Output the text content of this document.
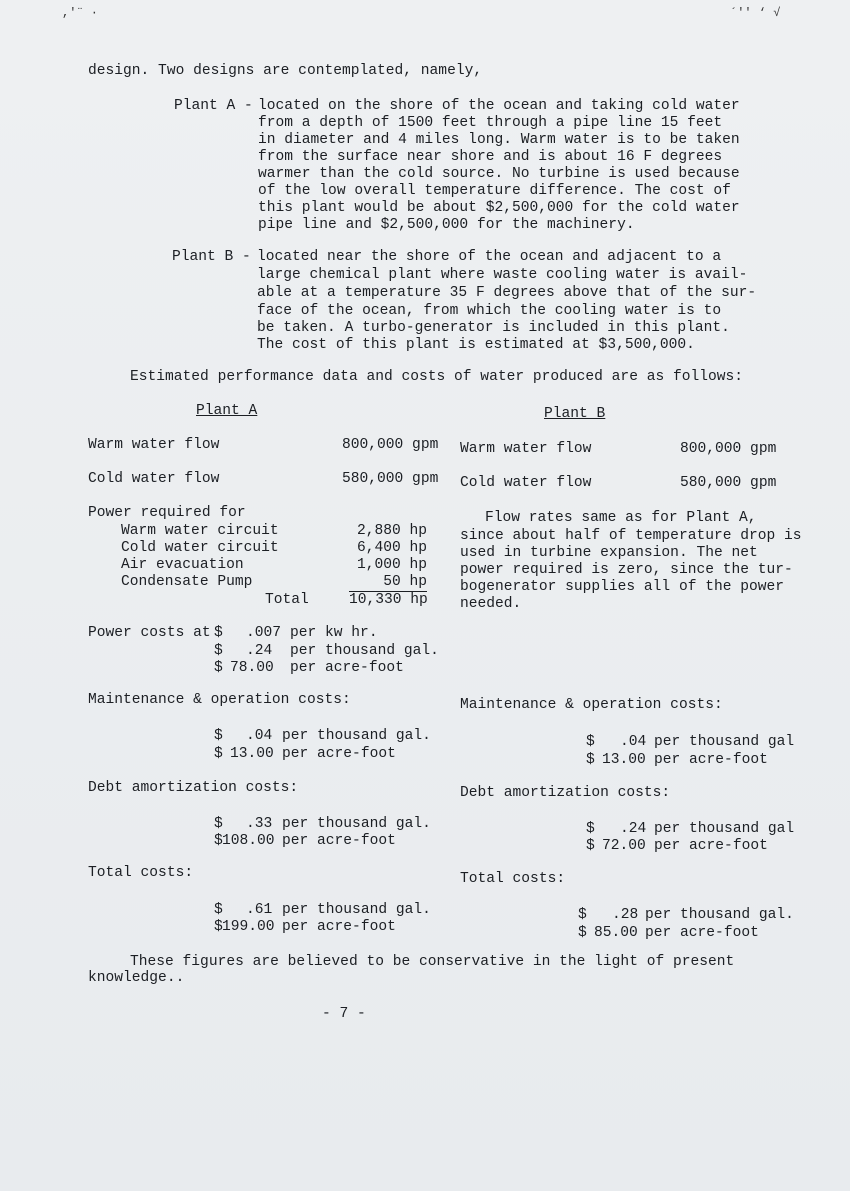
,′¨ ·	´′′ ‘ √
design. Two designs are contemplated, namely,
Plant A - located on the shore of the ocean and taking cold water
from a depth of 1500 feet through a pipe line 15 feet
in diameter and 4 miles long. Warm water is to be taken
from the surface near shore and is about 16 F degrees
warmer than the cold source. No turbine is used because
of the low overall temperature difference. The cost of
this plant would be about $2,500,000 for the cold water
pipe line and $2,500,000 for the machinery.
Plant B - located near the shore of the ocean and adjacent to a
large chemical plant where waste cooling water is avail-
able at a temperature 35 F degrees above that of the sur-
face of the ocean, from which the cooling water is to
be taken. A turbo-generator is included in this plant.
The cost of this plant is estimated at $3,500,000.
Estimated performance data and costs of water produced are as follows:
Plant A
Warm water flow	800,000 gpm
Cold water flow	580,000 gpm
Power required for
Warm water circuit	2,880 hp
Cold water circuit	6,400 hp
Air evacuation	1,000 hp
Condensate Pump	50 hp
Total	10,330 hp
Power costs at $ .007 per kw hr.
$ .24 per thousand gal.
$ 78.00 per acre-foot
Maintenance & operation costs:
$ .04 per thousand gal.
$ 13.00 per acre-foot
Debt amortization costs:
$ .33 per thousand gal.
$ 108.00 per acre-foot
Total costs:
$ .61 per thousand gal.
$ 199.00 per acre-foot
Plant B
Warm water flow	800,000 gpm
Cold water flow	580,000 gpm
Flow rates same as for Plant A,
since about half of temperature drop is
used in turbine expansion. The net
power required is zero, since the tur-
bogenerator supplies all of the power
needed.
Maintenance & operation costs:
$ .04 per thousand gal
$ 13.00 per acre-foot
Debt amortization costs:
$ .24 per thousand gal
$ 72.00 per acre-foot
Total costs:
$ .28 per thousand gal.
$ 85.00 per acre-foot
These figures are believed to be conservative in the light of present
knowledge..
- 7 -
